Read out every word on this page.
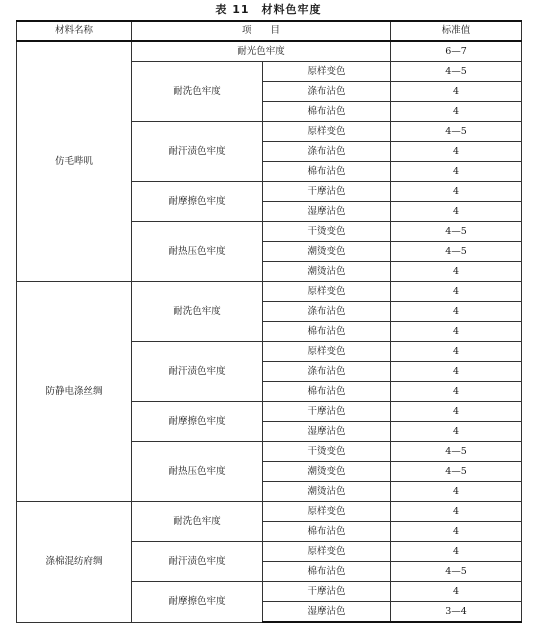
表 11　材料色牢度
材料名称	项　　目		标准值
仿毛哔叽	耐光色牢度		6—7
	耐洗色牢度	原样变色	4—5
		涤布沾色	4
		棉布沾色	4
	耐汗渍色牢度	原样变色	4—5
		涤布沾色	4
		棉布沾色	4
	耐摩擦色牢度	干摩沾色	4
		湿摩沾色	4
	耐热压色牢度	干烫变色	4—5
		潮烫变色	4—5
		潮烫沾色	4
防静电涤丝绸	耐洗色牢度	原样变色	4
		涤布沾色	4
		棉布沾色	4
	耐汗渍色牢度	原样变色	4
		涤布沾色	4
		棉布沾色	4
	耐摩擦色牢度	干摩沾色	4
		湿摩沾色	4
	耐热压色牢度	干烫变色	4—5
		潮烫变色	4—5
		潮烫沾色	4
涤棉混纺府绸	耐洗色牢度	原样变色	4
		棉布沾色	4
	耐汗渍色牢度	原样变色	4
		棉布沾色	4—5
	耐摩擦色牢度	干摩沾色	4
		湿摩沾色	3—4
